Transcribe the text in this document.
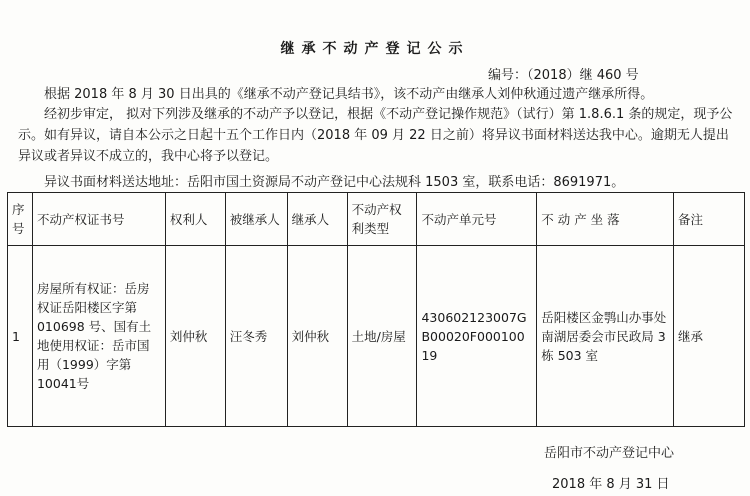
继承不动产登记公示
编号：（2018）继 460 号
根据 2018 年 8 月 30 日出具的《继承不动产登记具结书》，该不动产由继承人刘仲秋通过遗产继承所得。
经初步审定， 拟对下列涉及继承的不动产予以登记，根据《不动产登记操作规范》（试行）第 1.8.6.1 条的规定，现予公示。如有异议，请自本公示之日起十五个工作日内（2018 年 09 月 22 日之前）将异议书面材料送达我中心。逾期无人提出异议或者异议不成立的，我中心将予以登记。
异议书面材料送达地址：岳阳市国土资源局不动产登记中心法规科 1503 室，联系电话：8691971。
序号	不动产权证书号	权利人	被继承人	继承人	不动产权利类型	不动产单元号	不 动 产 坐 落	备注
1	房屋所有权证：岳房权证岳阳楼区字第010698 号、国有土地使用权证：岳市国用（1999）字第 10041号	刘仲秋	汪冬秀	刘仲秋	土地/房屋	430602123007GB00020F00010019	岳阳楼区金鹗山办事处南湖居委会市民政局 3 栋 503 室	继承
岳阳市不动产登记中心
2018 年 8 月 31 日
